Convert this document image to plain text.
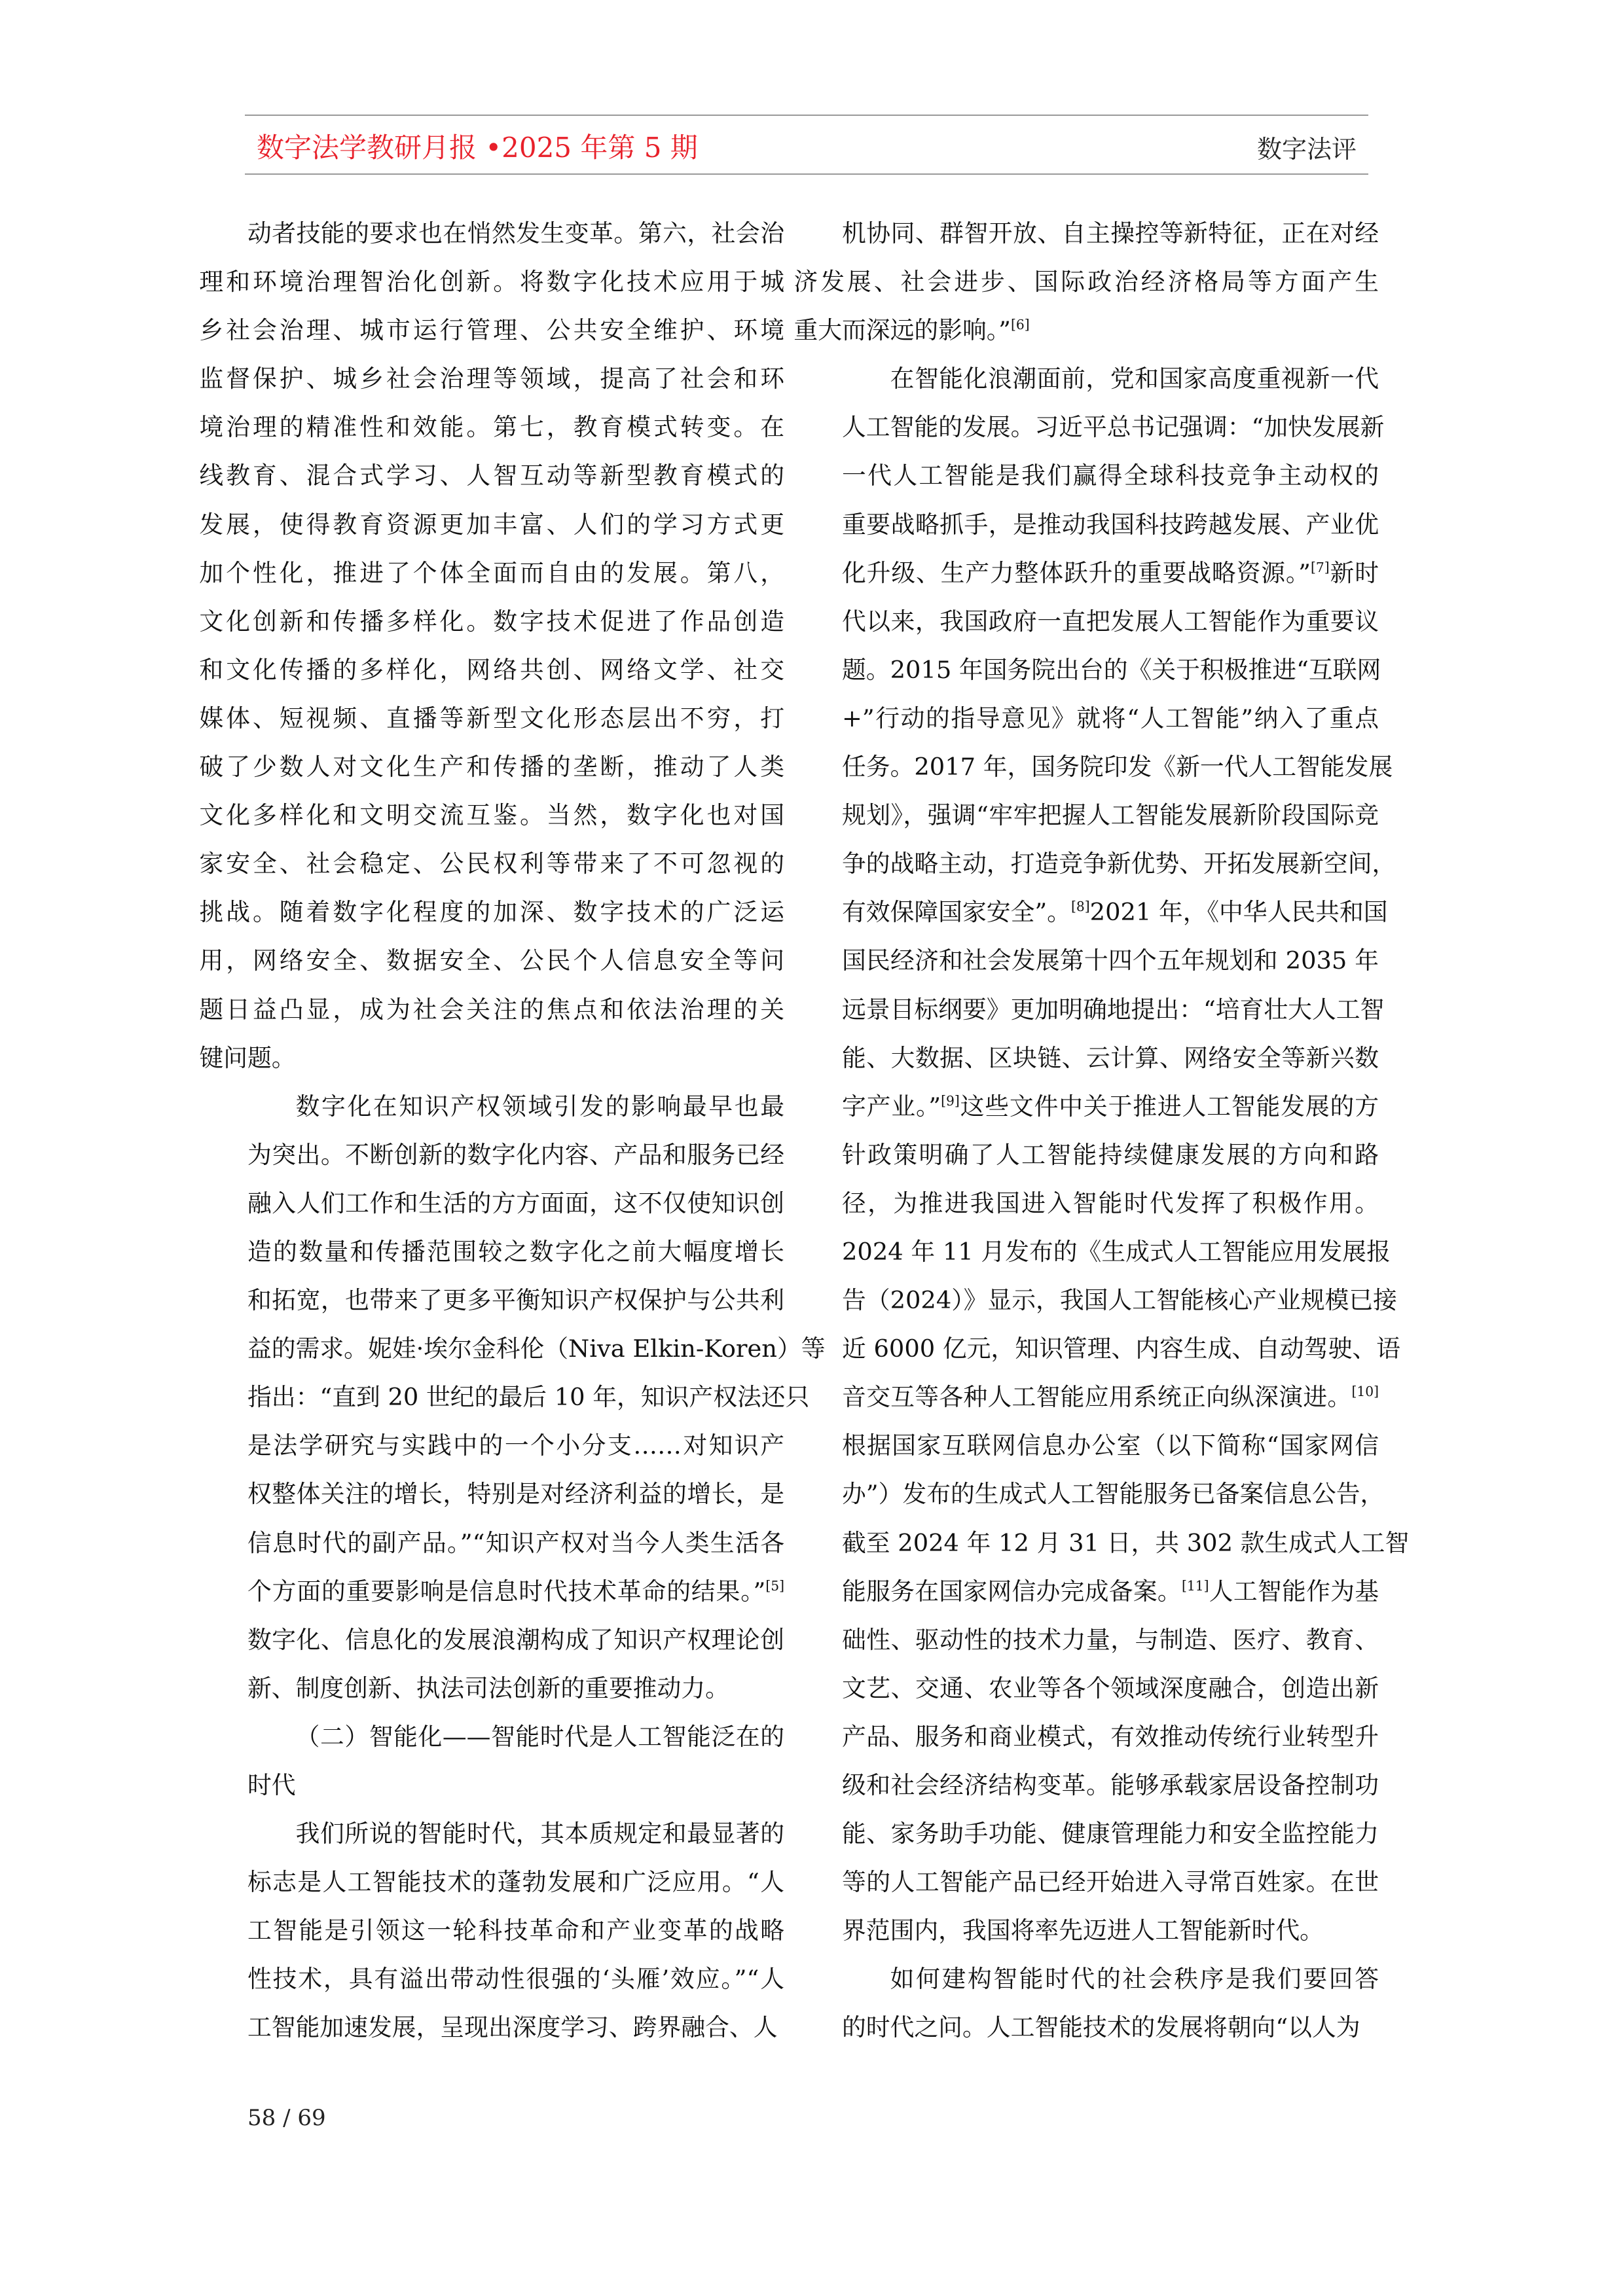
数字法学教研月报 •2025 年第 5 期	数字法评

动者技能的要求也在悄然发生变革。第六，社会治
理和环境治理智治化创新。将数字化技术应用于城
乡社会治理、城市运行管理、公共安全维护、环境
监督保护、城乡社会治理等领域，提高了社会和环
境治理的精准性和效能。第七，教育模式转变。在
线教育、混合式学习、人智互动等新型教育模式的
发展，使得教育资源更加丰富、人们的学习方式更
加个性化，推进了个体全面而自由的发展。第八，
文化创新和传播多样化。数字技术促进了作品创造
和文化传播的多样化，网络共创、网络文学、社交
媒体、短视频、直播等新型文化形态层出不穷，打
破了少数人对文化生产和传播的垄断，推动了人类
文化多样化和文明交流互鉴。当然，数字化也对国
家安全、社会稳定、公民权利等带来了不可忽视的
挑战。随着数字化程度的加深、数字技术的广泛运
用，网络安全、数据安全、公民个人信息安全等问
题日益凸显，成为社会关注的焦点和依法治理的关
键问题。

数字化在知识产权领域引发的影响最早也最
为突出。不断创新的数字化内容、产品和服务已经
融入人们工作和生活的方方面面，这不仅使知识创
造的数量和传播范围较之数字化之前大幅度增长
和拓宽，也带来了更多平衡知识产权保护与公共利
益的需求。妮娃·埃尔金科伦（Niva Elkin-Koren）等
指出：“直到 20 世纪的最后 10 年，知识产权法还只
是法学研究与实践中的一个小分支……对知识产
权整体关注的增长，特别是对经济利益的增长，是
信息时代的副产品。”“知识产权对当今人类生活各
个方面的重要影响是信息时代技术革命的结果。”[5]
数字化、信息化的发展浪潮构成了知识产权理论创
新、制度创新、执法司法创新的重要推动力。

（二）智能化——智能时代是人工智能泛在的
时代

我们所说的智能时代，其本质规定和最显著的
标志是人工智能技术的蓬勃发展和广泛应用。“人
工智能是引领这一轮科技革命和产业变革的战略
性技术，具有溢出带动性很强的‘头雁’效应。”“人
工智能加速发展，呈现出深度学习、跨界融合、人

机协同、群智开放、自主操控等新特征，正在对经
济发展、社会进步、国际政治经济格局等方面产生
重大而深远的影响。”[6]

在智能化浪潮面前，党和国家高度重视新一代
人工智能的发展。习近平总书记强调：“加快发展新
一代人工智能是我们赢得全球科技竞争主动权的
重要战略抓手，是推动我国科技跨越发展、产业优
化升级、生产力整体跃升的重要战略资源。”[7]新时
代以来，我国政府一直把发展人工智能作为重要议
题。2015 年国务院出台的《关于积极推进“互联网
+”行动的指导意见》就将“人工智能”纳入了重点
任务。2017 年，国务院印发《新一代人工智能发展
规划》，强调“牢牢把握人工智能发展新阶段国际竞
争的战略主动，打造竞争新优势、开拓发展新空间，
有效保障国家安全”。[8]2021 年，《中华人民共和国
国民经济和社会发展第十四个五年规划和 2035 年
远景目标纲要》更加明确地提出：“培育壮大人工智
能、大数据、区块链、云计算、网络安全等新兴数
字产业。”[9]这些文件中关于推进人工智能发展的方
针政策明确了人工智能持续健康发展的方向和路
径，为推进我国进入智能时代发挥了积极作用。
2024 年 11 月发布的《生成式人工智能应用发展报
告（2024）》显示，我国人工智能核心产业规模已接
近 6000 亿元，知识管理、内容生成、自动驾驶、语
音交互等各种人工智能应用系统正向纵深演进。[10]
根据国家互联网信息办公室（以下简称“国家网信
办”）发布的生成式人工智能服务已备案信息公告，
截至 2024 年 12 月 31 日，共 302 款生成式人工智
能服务在国家网信办完成备案。[11]人工智能作为基
础性、驱动性的技术力量，与制造、医疗、教育、
文艺、交通、农业等各个领域深度融合，创造出新
产品、服务和商业模式，有效推动传统行业转型升
级和社会经济结构变革。能够承载家居设备控制功
能、家务助手功能、健康管理能力和安全监控能力
等的人工智能产品已经开始进入寻常百姓家。在世
界范围内，我国将率先迈进人工智能新时代。

如何建构智能时代的社会秩序是我们要回答
的时代之问。人工智能技术的发展将朝向“以人为

58 / 69
